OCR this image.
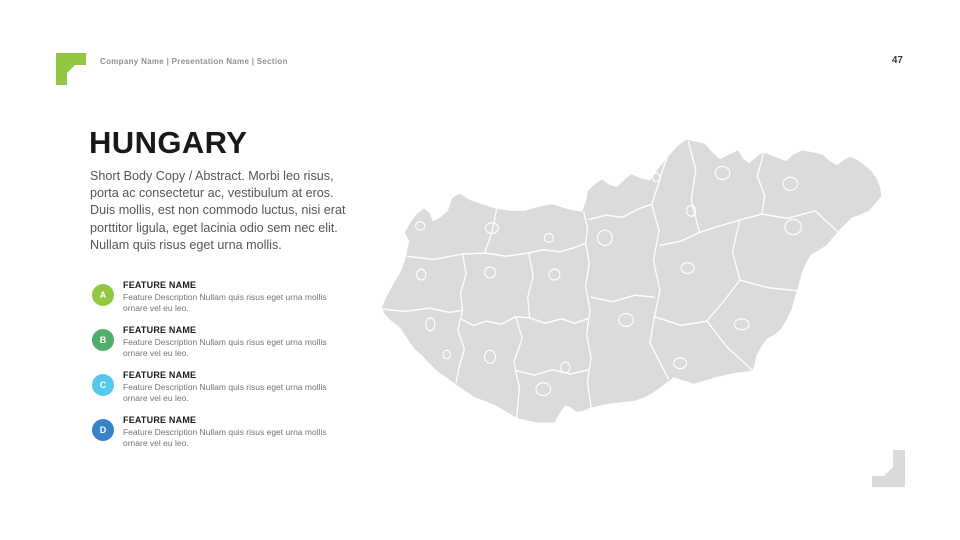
Company Name | Presentation Name | Section	47
HUNGARY

Short Body Copy / Abstract. Morbi leo risus, porta ac consectetur ac, vestibulum at eros. Duis mollis, est non commodo luctus, nisi erat porttitor ligula, eget lacinia odio sem nec elit. Nullam quis risus eget urna mollis.

A
FEATURE NAME
Feature Description Nullam quis risus eget urna mollis ornare vel eu leo.
B
FEATURE NAME
Feature Description Nullam quis risus eget urna mollis ornare vel eu leo.
C
FEATURE NAME
Feature Description Nullam quis risus eget urna mollis ornare vel eu leo.
D
FEATURE NAME
Feature Description Nullam quis risus eget urna mollis ornare vel eu leo.
